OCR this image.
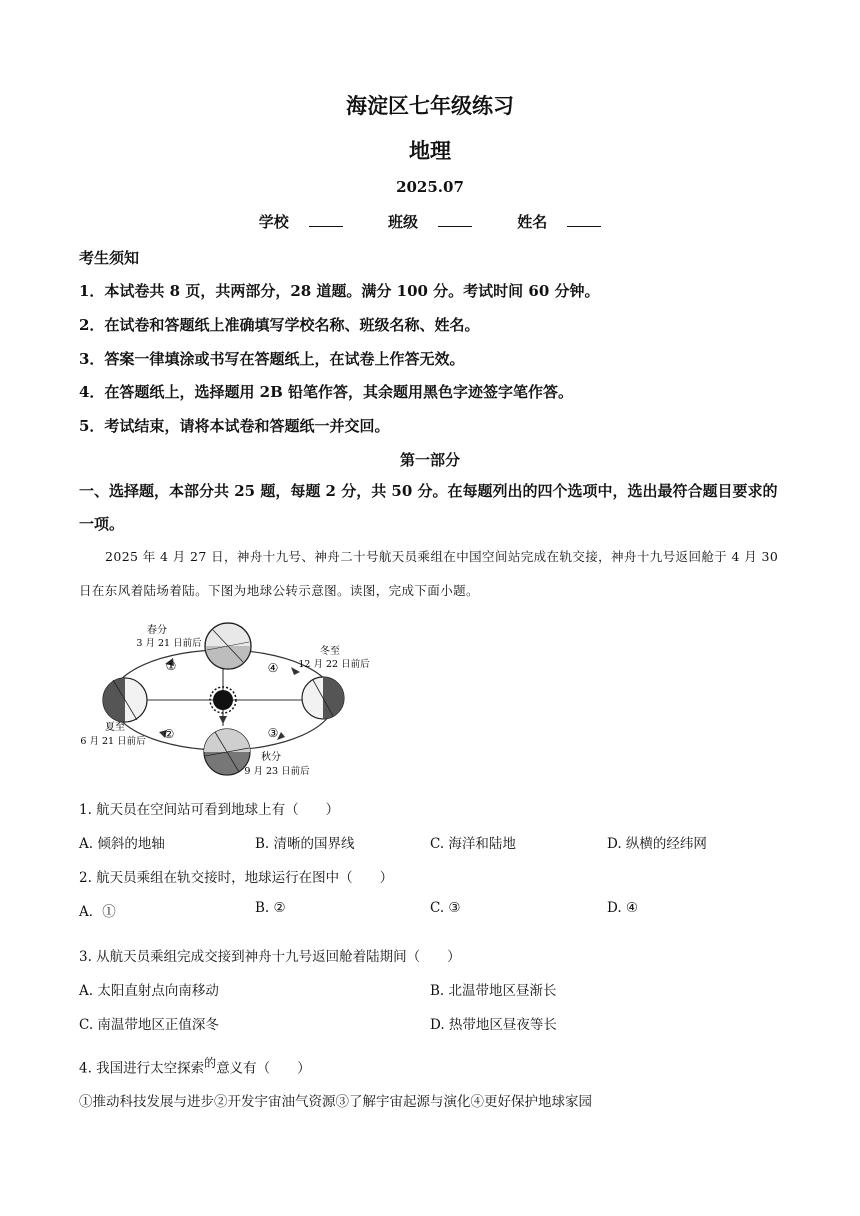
海淀区七年级练习
地理
2025.07
学校	班级	姓名
考生须知
1．本试卷共 8 页，共两部分，28 道题。满分 100 分。考试时间 60 分钟。
2．在试卷和答题纸上准确填写学校名称、班级名称、姓名。
3．答案一律填涂或书写在答题纸上，在试卷上作答无效。
4．在答题纸上，选择题用 2B 铅笔作答，其余题用黑色字迹签字笔作答。
5．考试结束，请将本试卷和答题纸一并交回。
第一部分
一、选择题，本部分共 25 题，每题 2 分，共 50 分。在每题列出的四个选项中，选出最符合题目要求的一项。
2025 年 4 月 27 日，神舟十九号、神舟二十号航天员乘组在中国空间站完成在轨交接，神舟十九号返回舱于 4 月 30 日在东风着陆场着陆。下图为地球公转示意图。读图，完成下面小题。
春分
3 月 21 日前后
冬至
12 月 22 日前后
夏至
6 月 21 日前后
秋分
9 月 23 日前后
①
②	③
④
1. 航天员在空间站可看到地球上有（　　）
A. 倾斜的地轴	B. 清晰的国界线	C. 海洋和陆地	D. 纵横的经纬网
2. 航天员乘组在轨交接时，地球运行在图中（　　）
A．①	B. ②	C. ③	D. ④
3. 从航天员乘组完成交接到神舟十九号返回舱着陆期间（　　）
A. 太阳直射点向南移动	B. 北温带地区昼渐长
C. 南温带地区正值深冬	D. 热带地区昼夜等长
4. 我国进行太空探索$^的$意义有（　　）
①推动科技发展与进步②开发宇宙油气资源③了解宇宙起源与演化④更好保护地球家园
